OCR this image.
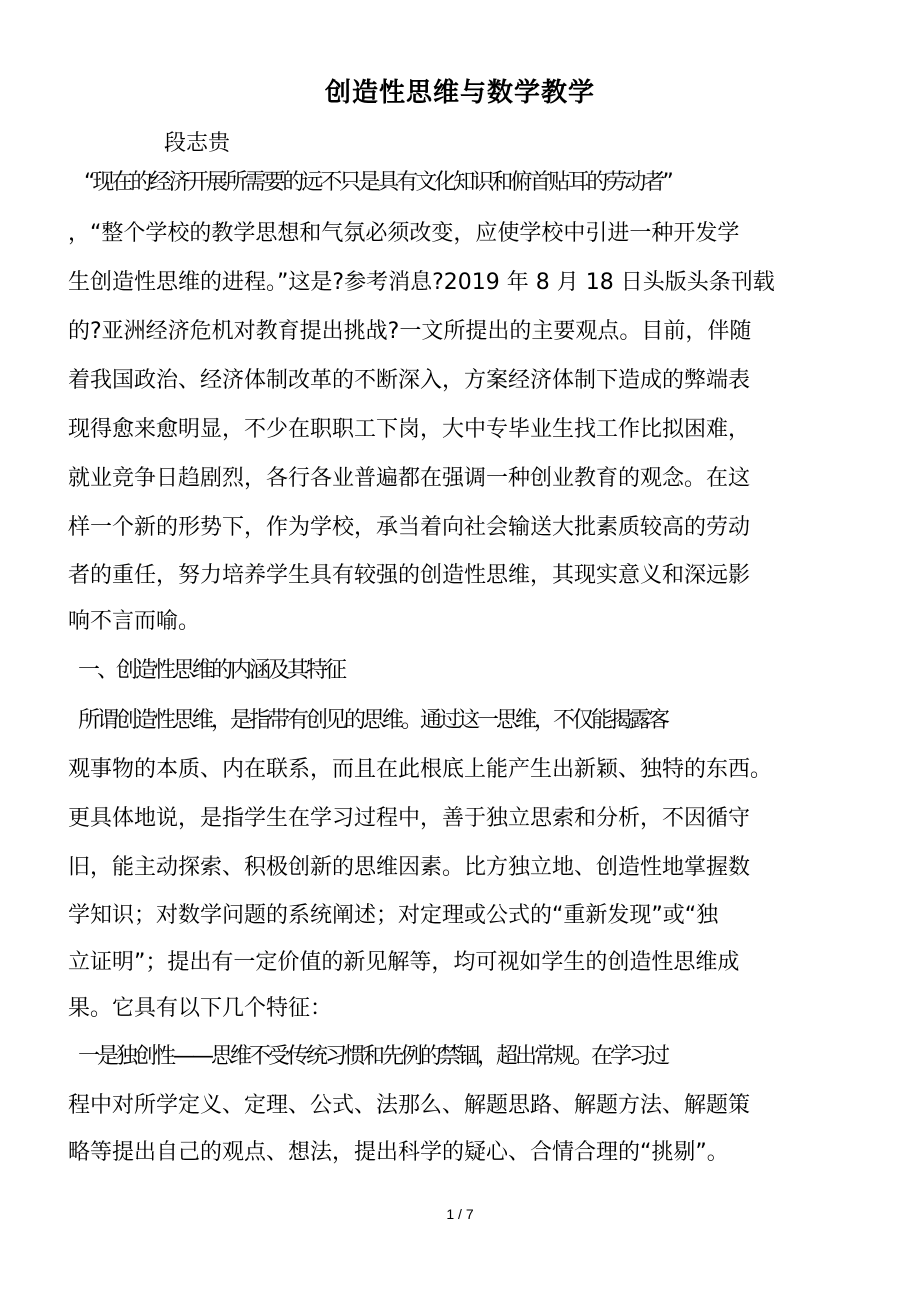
创造性思维与数学教学
段志贵
“现在的经济开展所需要的远不只是具有文化知识和俯首贴耳的劳动者”
，“整个学校的教学思想和气氛必须改变，应使学校中引进一种开发学
生创造性思维的进程。”这是?参考消息?2019 年 8 月 18 日头版头条刊载
的?亚洲经济危机对教育提出挑战?一文所提出的主要观点。目前，伴随
着我国政治、经济体制改革的不断深入，方案经济体制下造成的弊端表
现得愈来愈明显，不少在职职工下岗，大中专毕业生找工作比拟困难，
就业竞争日趋剧烈，各行各业普遍都在强调一种创业教育的观念。在这
样一个新的形势下，作为学校，承当着向社会输送大批素质较高的劳动
者的重任，努力培养学生具有较强的创造性思维，其现实意义和深远影
响不言而喻。
一、创造性思维的内涵及其特征
所谓创造性思维，是指带有创见的思维。通过这一思维，不仅能揭露客
观事物的本质、内在联系，而且在此根底上能产生出新颖、独特的东西。
更具体地说，是指学生在学习过程中，善于独立思索和分析，不因循守
旧，能主动探索、积极创新的思维因素。比方独立地、创造性地掌握数
学知识；对数学问题的系统阐述；对定理或公式的“重新发现”或“独
立证明”；提出有一定价值的新见解等，均可视如学生的创造性思维成
果。它具有以下几个特征：
一是独创性——思维不受传统习惯和先例的禁锢，超出常规。在学习过
程中对所学定义、定理、公式、法那么、解题思路、解题方法、解题策
略等提出自己的观点、想法，提出科学的疑心、合情合理的“挑剔”。
1 / 7
